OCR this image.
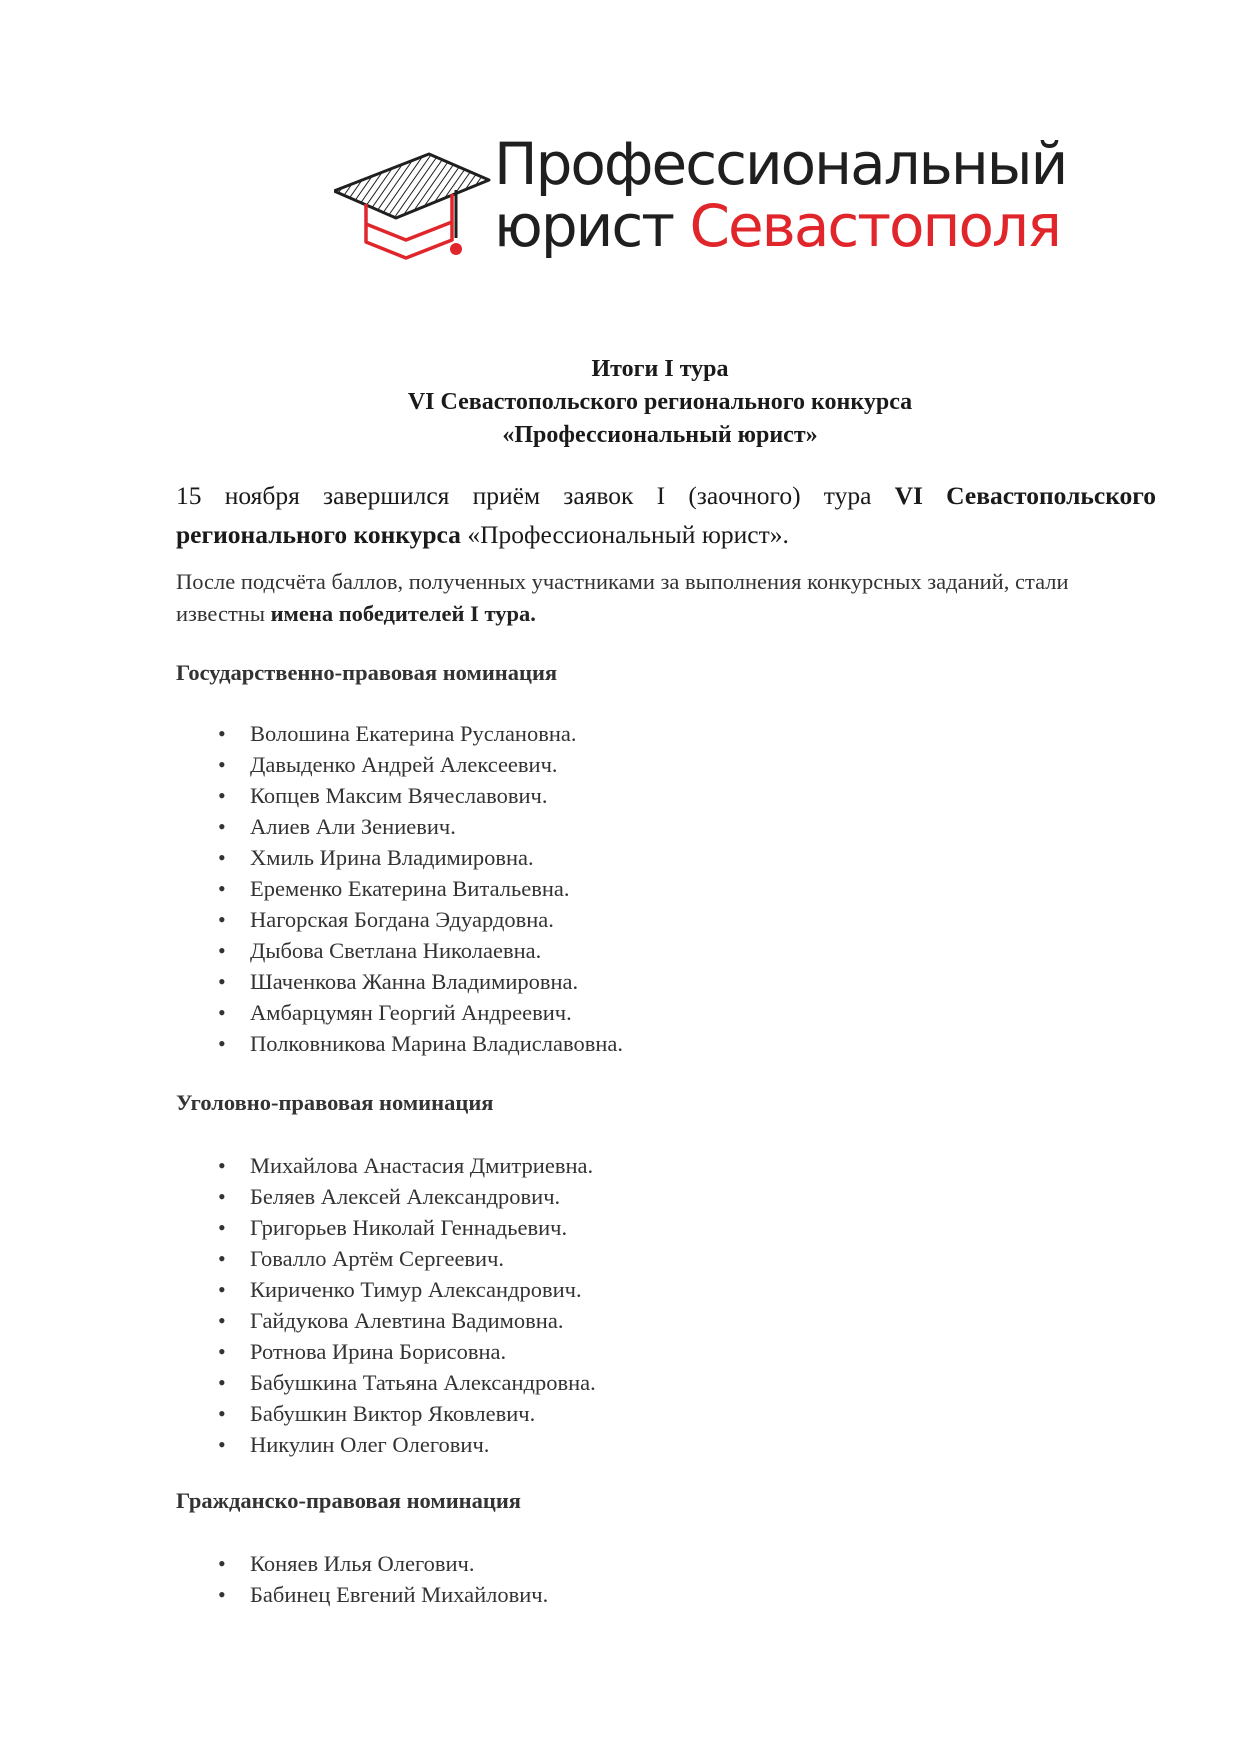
Профессиональный
юрист Севастополя
Итоги I тура
VI Севастопольского регионального конкурса
«Профессиональный юрист»
15 ноября завершился приём заявок I (заочного) тура VI Севастопольского регионального конкурса «Профессиональный юрист».
После подсчёта баллов, полученных участниками за выполнения конкурсных заданий, стали известны имена победителей I тура.
Государственно-правовая номинация
• Волошина Екатерина Руслановна.
• Давыденко Андрей Алексеевич.
• Копцев Максим Вячеславович.
• Алиев Али Зениевич.
• Хмиль Ирина Владимировна.
• Еременко Екатерина Витальевна.
• Нагорская Богдана Эдуардовна.
• Дыбова Светлана Николаевна.
• Шаченкова Жанна Владимировна.
• Амбарцумян Георгий Андреевич.
• Полковникова Марина Владиславовна.
Уголовно-правовая номинация
• Михайлова Анастасия Дмитриевна.
• Беляев Алексей Александрович.
• Григорьев Николай Геннадьевич.
• Говалло Артём Сергеевич.
• Кириченко Тимур Александрович.
• Гайдукова Алевтина Вадимовна.
• Ротнова Ирина Борисовна.
• Бабушкина Татьяна Александровна.
• Бабушкин Виктор Яковлевич.
• Никулин Олег Олегович.
Гражданско-правовая номинация
• Коняев Илья Олегович.
• Бабинец Евгений Михайлович.
